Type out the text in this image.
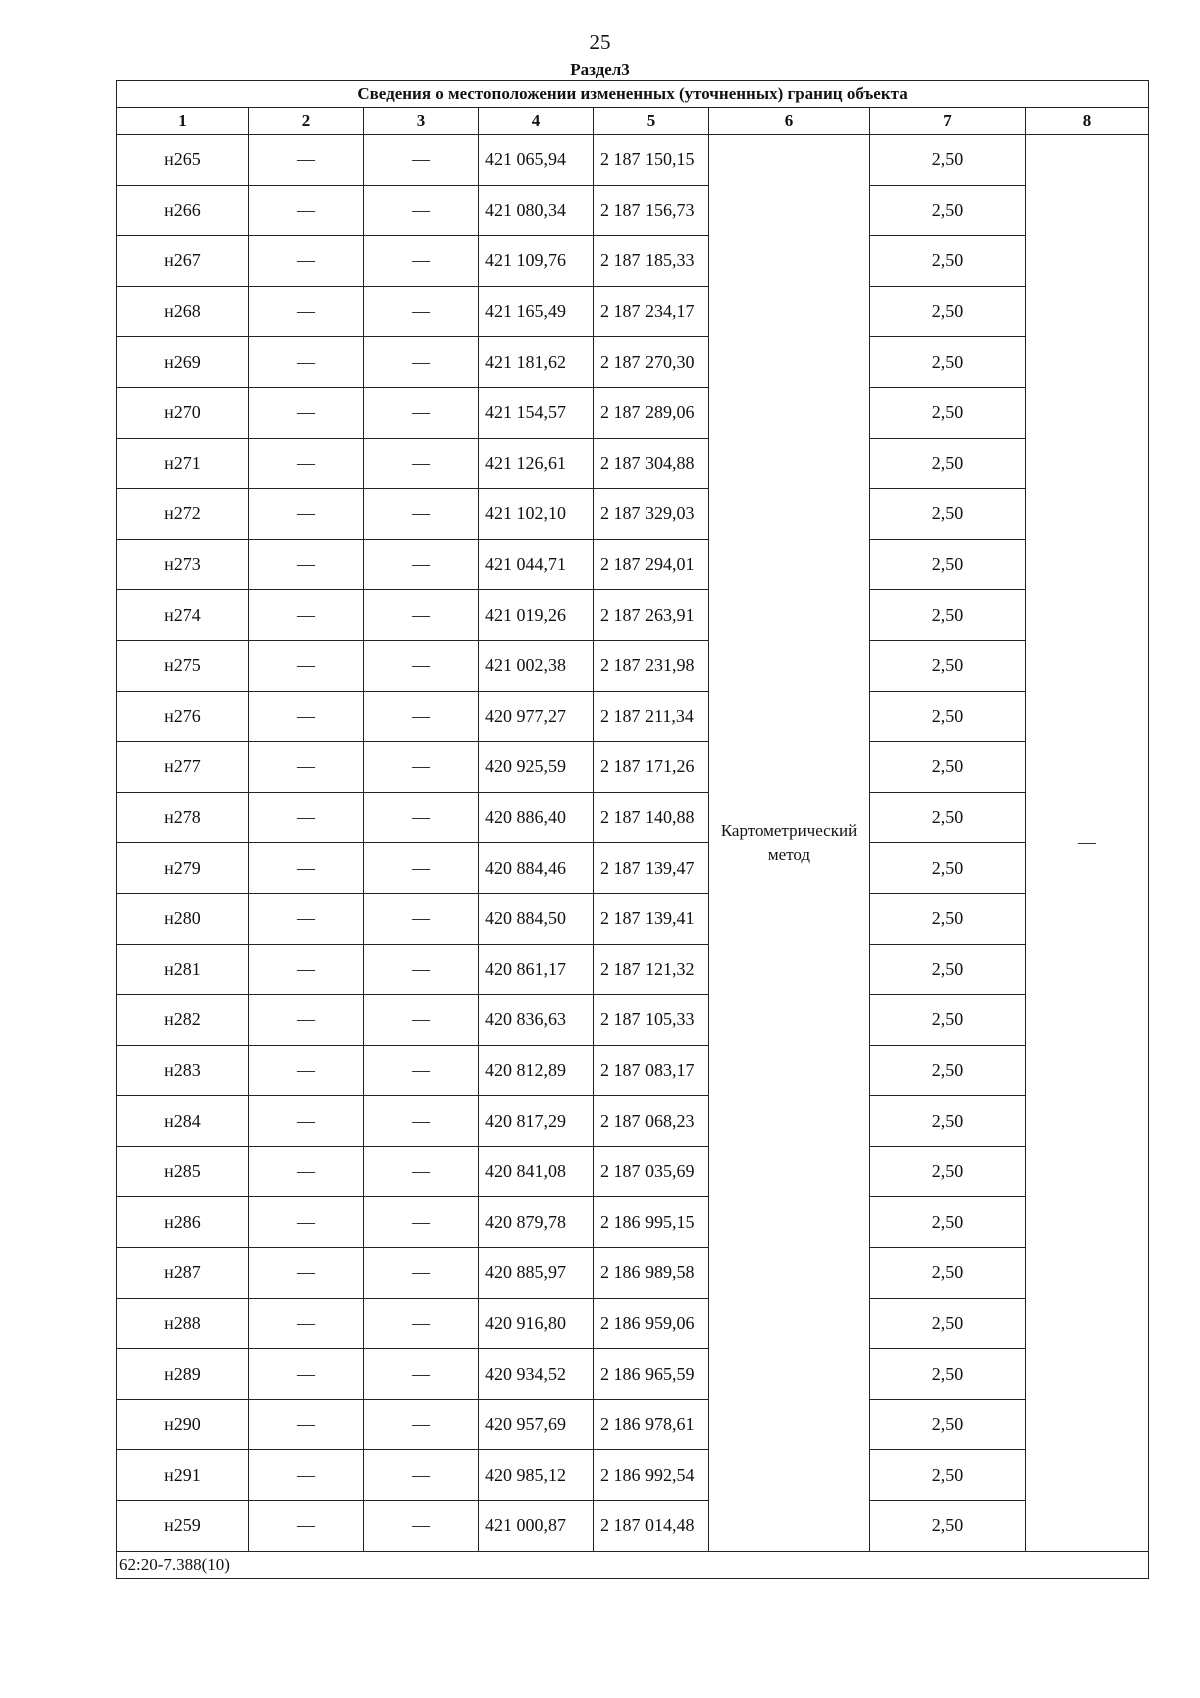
25
Раздел3
Сведения о местоположении измененных (уточненных) границ объекта							
1	2	3	4	5	6	7	8
н265	—	—	421 065,94	2 187 150,15	Картометрический метод	2,50	—
н266	—	—	421 080,34	2 187 156,73		2,50	
н267	—	—	421 109,76	2 187 185,33		2,50	
н268	—	—	421 165,49	2 187 234,17		2,50	
н269	—	—	421 181,62	2 187 270,30		2,50	
н270	—	—	421 154,57	2 187 289,06		2,50	
н271	—	—	421 126,61	2 187 304,88		2,50	
н272	—	—	421 102,10	2 187 329,03		2,50	
н273	—	—	421 044,71	2 187 294,01		2,50	
н274	—	—	421 019,26	2 187 263,91		2,50	
н275	—	—	421 002,38	2 187 231,98		2,50	
н276	—	—	420 977,27	2 187 211,34		2,50	
н277	—	—	420 925,59	2 187 171,26		2,50	
н278	—	—	420 886,40	2 187 140,88		2,50	
н279	—	—	420 884,46	2 187 139,47		2,50	
н280	—	—	420 884,50	2 187 139,41		2,50	
н281	—	—	420 861,17	2 187 121,32		2,50	
н282	—	—	420 836,63	2 187 105,33		2,50	
н283	—	—	420 812,89	2 187 083,17		2,50	
н284	—	—	420 817,29	2 187 068,23		2,50	
н285	—	—	420 841,08	2 187 035,69		2,50	
н286	—	—	420 879,78	2 186 995,15		2,50	
н287	—	—	420 885,97	2 186 989,58		2,50	
н288	—	—	420 916,80	2 186 959,06		2,50	
н289	—	—	420 934,52	2 186 965,59		2,50	
н290	—	—	420 957,69	2 186 978,61		2,50	
н291	—	—	420 985,12	2 186 992,54		2,50	
н259	—	—	421 000,87	2 187 014,48		2,50	
62:20-7.388(10)							
